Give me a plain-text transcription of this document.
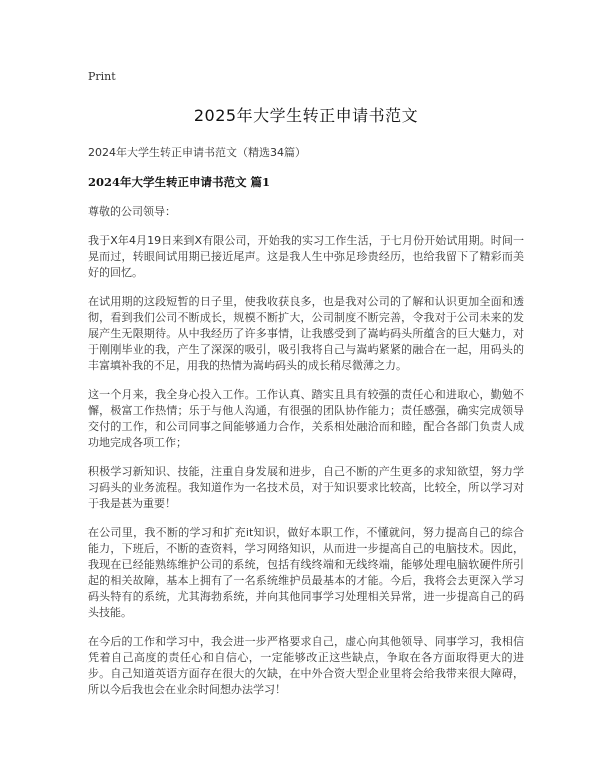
Print
2025年大学生转正申请书范文
2024年大学生转正申请书范文（精选34篇）
2024年大学生转正申请书范文 篇1

尊敬的公司领导：

我于X年4月19日来到X有限公司，开始我的实习工作生活，于七月份开始试用期。时间一晃而过，转眼间试用期已接近尾声。这是我人生中弥足珍贵经历，也给我留下了精彩而美好的回忆。

在试用期的这段短暂的日子里，使我收获良多，也是我对公司的了解和认识更加全面和透彻，看到我们公司不断成长，规模不断扩大，公司制度不断完善，令我对于公司未来的发展产生无限期待。从中我经历了许多事情，让我感受到了嵩屿码头所蕴含的巨大魅力，对于刚刚毕业的我，产生了深深的吸引，吸引我将自己与嵩屿紧紧的融合在一起，用码头的丰富填补我的不足，用我的热情为嵩屿码头的成长稍尽微薄之力。

这一个月来，我全身心投入工作。工作认真、踏实且具有较强的责任心和进取心，勤勉不懈，极富工作热情；乐于与他人沟通，有很强的团队协作能力；责任感强，确实完成领导交付的工作，和公司同事之间能够通力合作，关系相处融洽而和睦，配合各部门负责人成功地完成各项工作；

积极学习新知识、技能，注重自身发展和进步，自己不断的产生更多的求知欲望，努力学习码头的业务流程。我知道作为一名技术员，对于知识要求比较高，比较全，所以学习对于我是甚为重要！

在公司里，我不断的学习和扩充it知识，做好本职工作，不懂就问，努力提高自己的综合能力，下班后，不断的查资料，学习网络知识，从而进一步提高自己的电脑技术。因此，我现在已经能熟练维护公司的系统，包括有线终端和无线终端，能够处理电脑软硬件所引起的相关故障，基本上拥有了一名系统维护员最基本的才能。今后，我将会去更深入学习码头特有的系统，尤其海勃系统，并向其他同事学习处理相关异常，进一步提高自己的码头技能。

在今后的工作和学习中，我会进一步严格要求自己，虚心向其他领导、同事学习，我相信凭着自己高度的责任心和自信心，一定能够改正这些缺点，争取在各方面取得更大的进步。自己知道英语方面存在很大的欠缺，在中外合资大型企业里将会给我带来很大障碍，所以今后我也会在业余时间想办法学习！
